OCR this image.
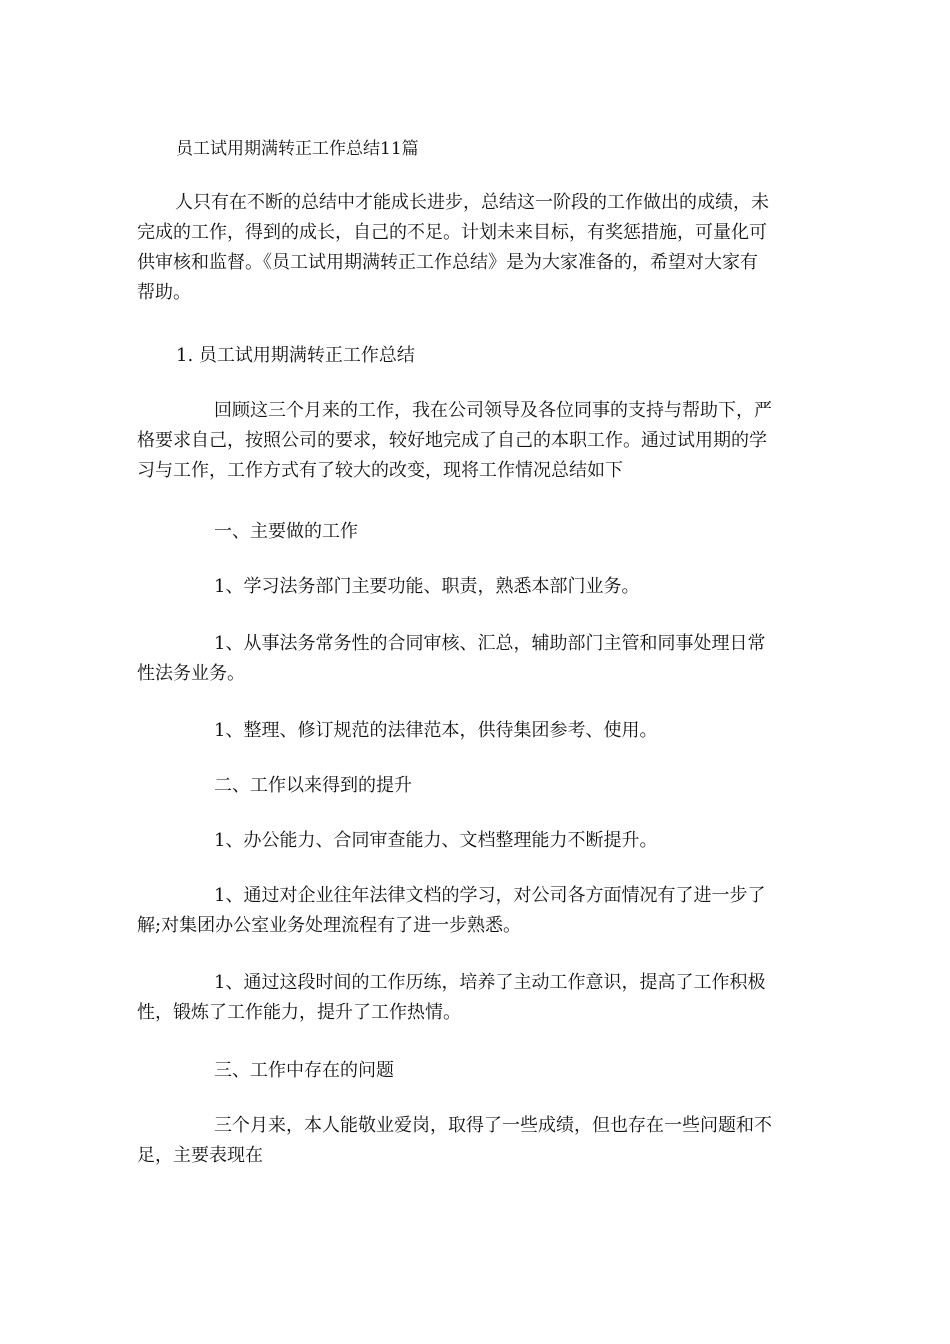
员工试用期满转正工作总结11篇

人只有在不断的总结中才能成长进步，总结这一阶段的工作做出的成绩，未
完成的工作，得到的成长，自己的不足。计划未来目标，有奖惩措施，可量化可
供审核和监督。《员工试用期满转正工作总结》是为大家准备的，希望对大家有
帮助。

1. 员工试用期满转正工作总结

回顾这三个月来的工作，我在公司领导及各位同事的支持与帮助下，严
格要求自己，按照公司的要求，较好地完成了自己的本职工作。通过试用期的学
习与工作，工作方式有了较大的改变，现将工作情况总结如下

一、主要做的工作

1、学习法务部门主要功能、职责，熟悉本部门业务。

1、从事法务常务性的合同审核、汇总，辅助部门主管和同事处理日常
性法务业务。

1、整理、修订规范的法律范本，供待集团参考、使用。

二、工作以来得到的提升

1、办公能力、合同审查能力、文档整理能力不断提升。

1、通过对企业往年法律文档的学习，对公司各方面情况有了进一步了
解;对集团办公室业务处理流程有了进一步熟悉。
1、通过这段时间的工作历练，培养了主动工作意识，提高了工作积极
性，锻炼了工作能力，提升了工作热情。

三、工作中存在的问题

三个月来，本人能敬业爱岗，取得了一些成绩，但也存在一些问题和不
足，主要表现在
